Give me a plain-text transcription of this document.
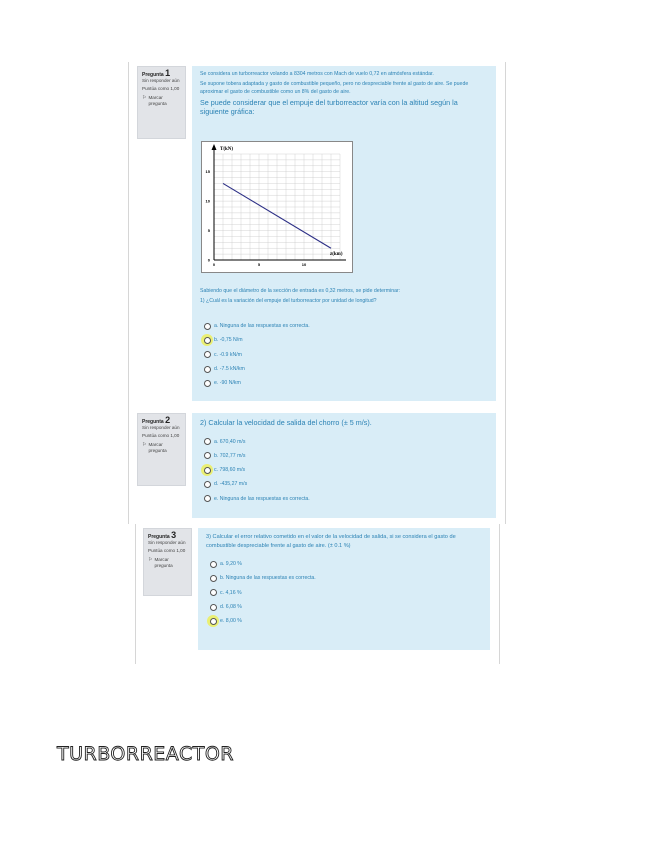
Pregunta 1
Sin responder aún
Puntúa como 1,00
⚐ Marcar pregunta
Se considera un turborreactor volando a 8304 metros con Mach de vuelo 0,72 en atmósfera estándar.
Se supone tobera adaptada y gasto de combustible pequeño, pero no despreciable frente al gasto de aire. Se puede aproximar el gasto de combustible como un 8% del gasto de aire.
Se puede considerar que el empuje del turborreactor varía con la altitud según la siguiente gráfica:
0
5
10
15
0	5	10
T(kN)
z(km)
Sabiendo que el diámetro de la sección de entrada es 0,32 metros, se pide determinar:
1) ¿Cuál es la variación del empuje del turborreactor por unidad de longitud?
a. Ninguna de las respuestas es correcta.
b. -0,75 N/m
c. -0.9 kN/m
d. -7.5 kN/km
e. -90 N/km
Pregunta 2
Sin responder aún
Puntúa como 1,00
⚐ Marcar pregunta
2) Calcular la velocidad de salida del chorro (± 5 m/s).
a. 670,40 m/s
b. 702,77 m/s
c. 798,60 m/s
d. -435,27 m/s
e. Ninguna de las respuestas es correcta.
Pregunta 3
Sin responder aún
Puntúa como 1,00
⚐ Marcar pregunta
3) Calcular el error relativo cometido en el valor de la velocidad de salida, si se considera el gasto de combustible despreciable frente al gasto de aire. (± 0.1 %)
a. 9,20 %
b. Ninguna de las respuestas es correcta.
c. 4,16 %
d. 6,08 %
e. 8,00 %
TURBORREACTOR
